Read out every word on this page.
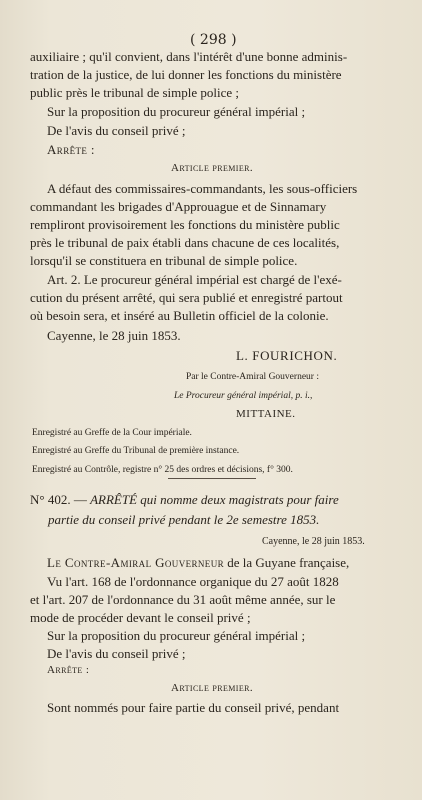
( 298 )
auxiliaire ; qu'il convient, dans l'intérêt d'une bonne adminis-
tration de la justice, de lui donner les fonctions du ministère
public près le tribunal de simple police ;
Sur la proposition du procureur général impérial ;
De l'avis du conseil privé ;
Arrête :
Article premier.
A défaut des commissaires-commandants, les sous-officiers
commandant les brigades d'Approuague et de Sinnamary
rempliront provisoirement les fonctions du ministère public
près le tribunal de paix établi dans chacune de ces localités,
lorsqu'il se constituera en tribunal de simple police.
Art. 2. Le procureur général impérial est chargé de l'exé-
cution du présent arrêté, qui sera publié et enregistré partout
où besoin sera, et inséré au Bulletin officiel de la colonie.
Cayenne, le 28 juin 1853.
L. FOURICHON.
Par le Contre-Amiral Gouverneur :
Le Procureur général impérial, p. i.,
MITTAINE.
Enregistré au Greffe de la Cour impériale.
Enregistré au Greffe du Tribunal de première instance.
Enregistré au Contrôle, registre n° 25 des ordres et décisions, f° 300.
N° 402. — ARRÊTÉ qui nomme deux magistrats pour faire
partie du conseil privé pendant le 2e semestre 1853.
Cayenne, le 28 juin 1853.
Le Contre-Amiral Gouverneur de la Guyane française,
Vu l'art. 168 de l'ordonnance organique du 27 août 1828
et l'art. 207 de l'ordonnance du 31 août même année, sur le
mode de procéder devant le conseil privé ;
Sur la proposition du procureur général impérial ;
De l'avis du conseil privé ;
Arrête :
Article premier.
Sont nommés pour faire partie du conseil privé, pendant
